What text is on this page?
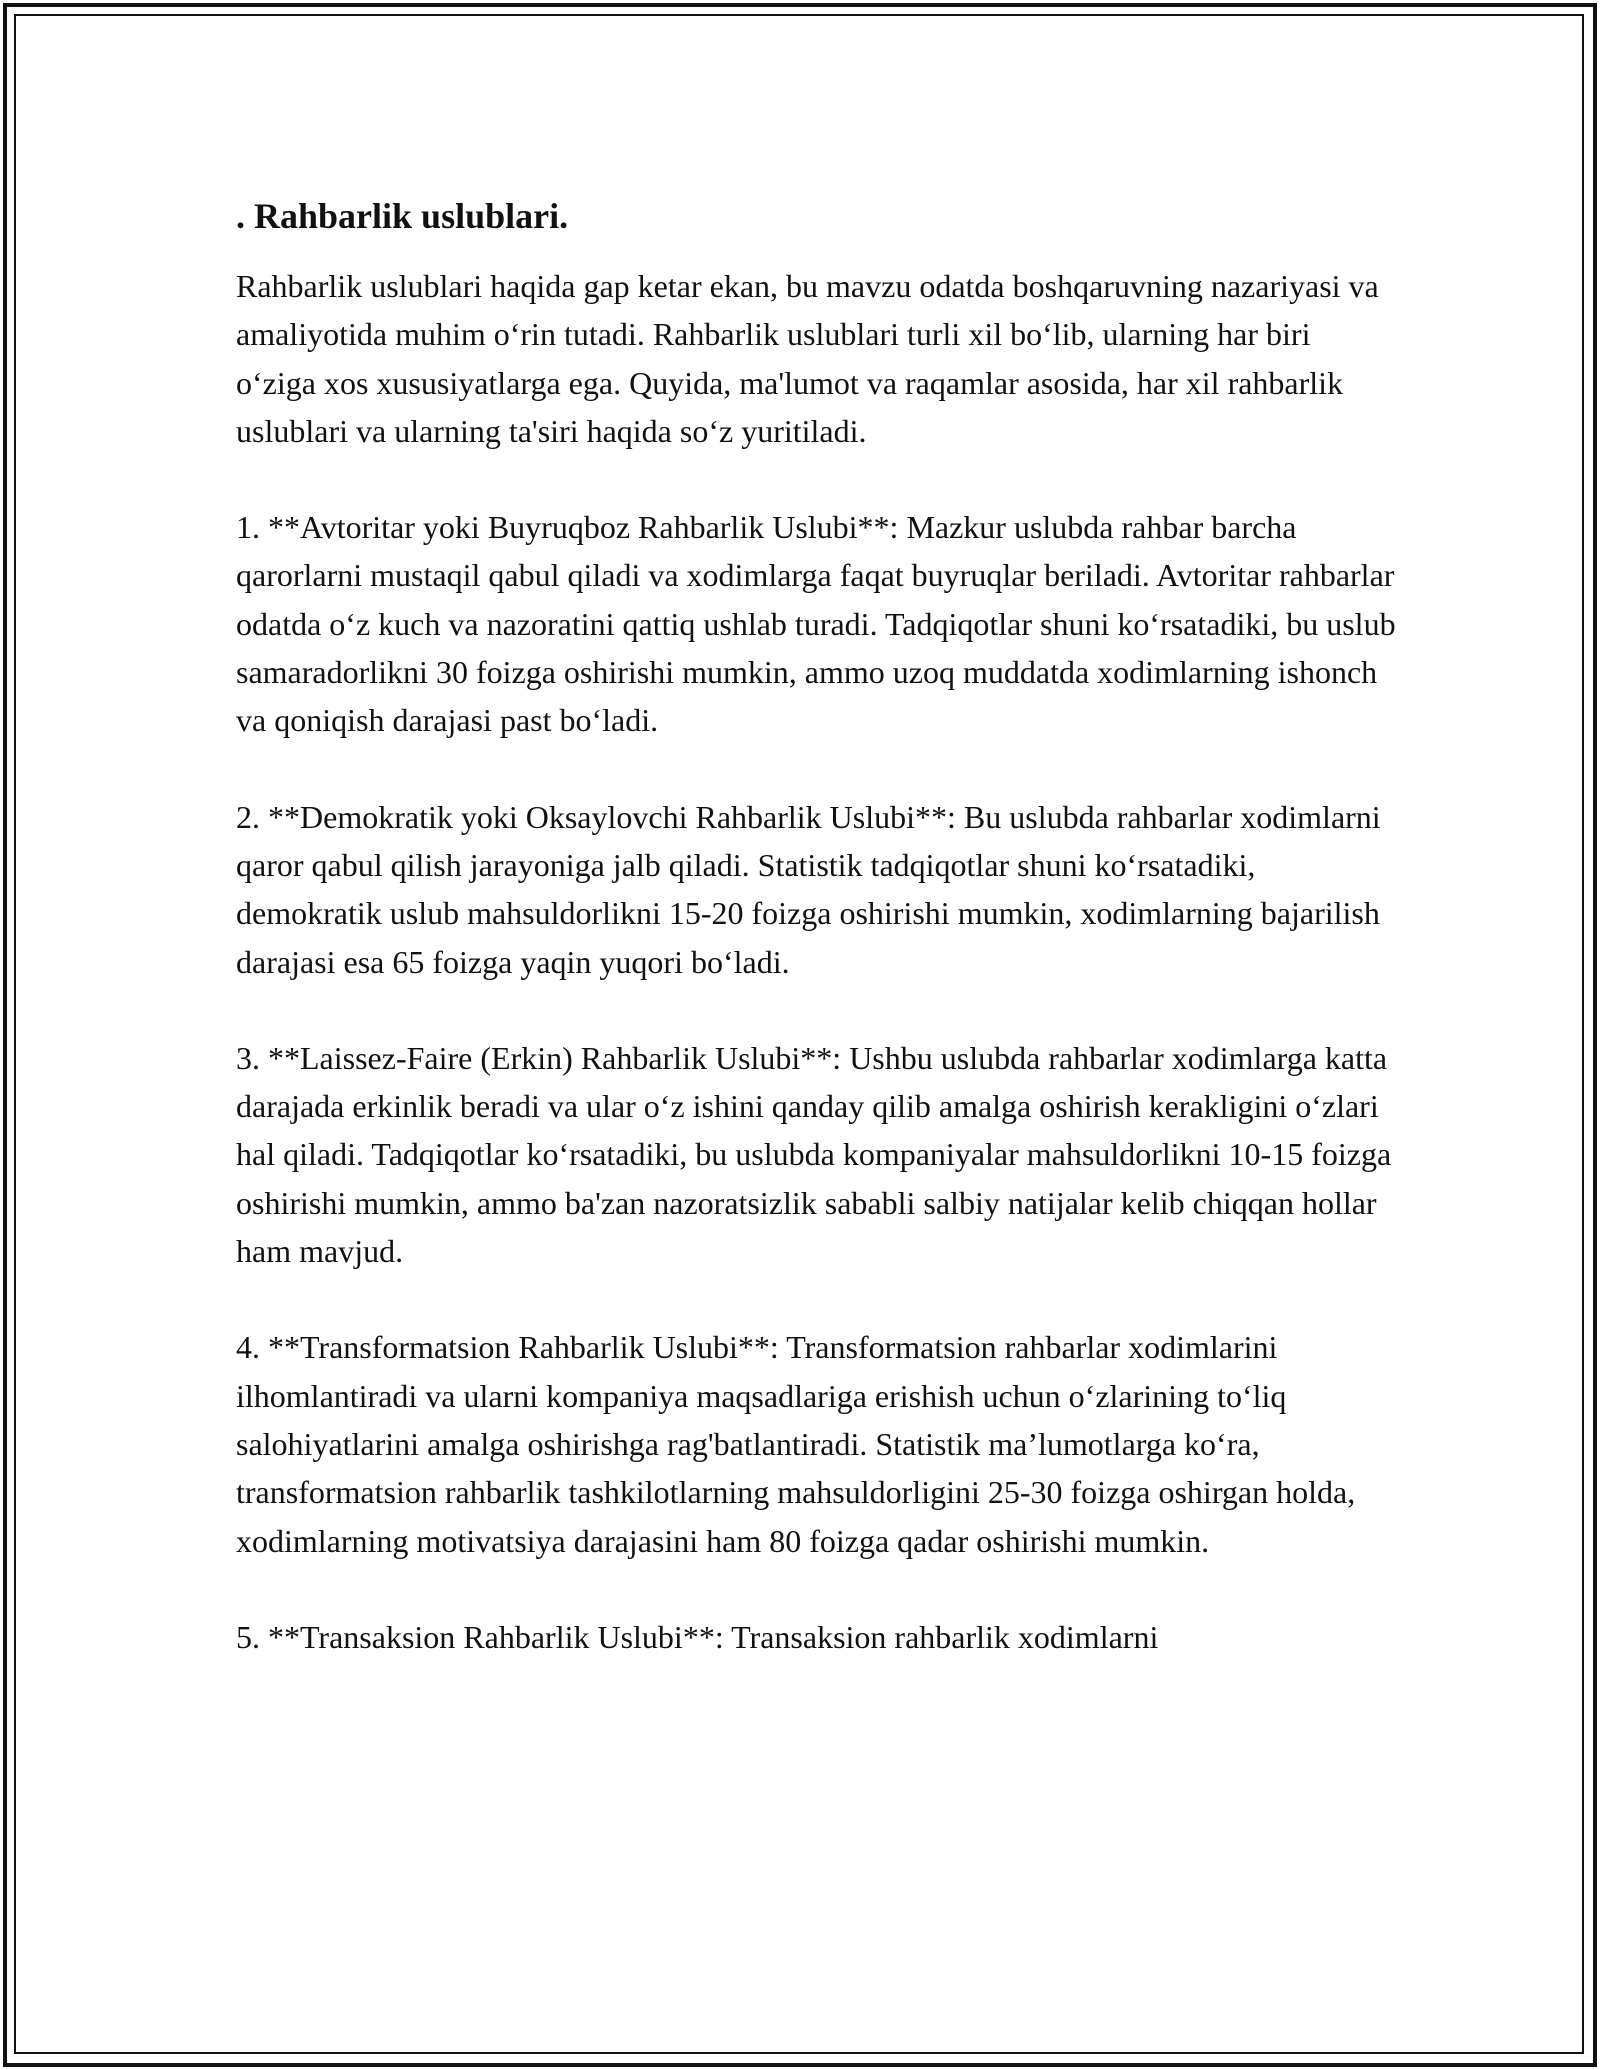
. Rahbarlik uslublari.

Rahbarlik uslublari haqida gap ketar ekan, bu mavzu odatda boshqaruvning nazariyasi va amaliyotida muhim oʻrin tutadi. Rahbarlik uslublari turli xil boʻlib, ularning har biri oʻziga xos xususiyatlarga ega. Quyida, ma'lumot va raqamlar asosida, har xil rahbarlik uslublari va ularning ta'siri haqida soʻz yuritiladi.

1. **Avtoritar yoki Buyruqboz Rahbarlik Uslubi**: Mazkur uslubda rahbar barcha qarorlarni mustaqil qabul qiladi va xodimlarga faqat buyruqlar beriladi. Avtoritar rahbarlar odatda oʻz kuch va nazoratini qattiq ushlab turadi. Tadqiqotlar shuni koʻrsatadiki, bu uslub samaradorlikni 30 foizga oshirishi mumkin, ammo uzoq muddatda xodimlarning ishonch va qoniqish darajasi past boʻladi.

2. **Demokratik yoki Oksaylovchi Rahbarlik Uslubi**: Bu uslubda rahbarlar xodimlarni qaror qabul qilish jarayoniga jalb qiladi. Statistik tadqiqotlar shuni koʻrsatadiki, demokratik uslub mahsuldorlikni 15-20 foizga oshirishi mumkin, xodimlarning bajarilish darajasi esa 65 foizga yaqin yuqori boʻladi.

3. **Laissez-Faire (Erkin) Rahbarlik Uslubi**: Ushbu uslubda rahbarlar xodimlarga katta darajada erkinlik beradi va ular oʻz ishini qanday qilib amalga oshirish kerakligini oʻzlari hal qiladi. Tadqiqotlar koʻrsatadiki, bu uslubda kompaniyalar mahsuldorlikni 10-15 foizga oshirishi mumkin, ammo ba'zan nazoratsizlik sababli salbiy natijalar kelib chiqqan hollar ham mavjud.

4. **Transformatsion Rahbarlik Uslubi**: Transformatsion rahbarlar xodimlarini ilhomlantiradi va ularni kompaniya maqsadlariga erishish uchun oʻzlarining toʻliq salohiyatlarini amalga oshirishga rag'batlantiradi. Statistik ma’lumotlarga koʻra, transformatsion rahbarlik tashkilotlarning mahsuldorligini 25-30 foizga oshirgan holda, xodimlarning motivatsiya darajasini ham 80 foizga qadar oshirishi mumkin.

5. **Transaksion Rahbarlik Uslubi**: Transaksion rahbarlik xodimlarni
